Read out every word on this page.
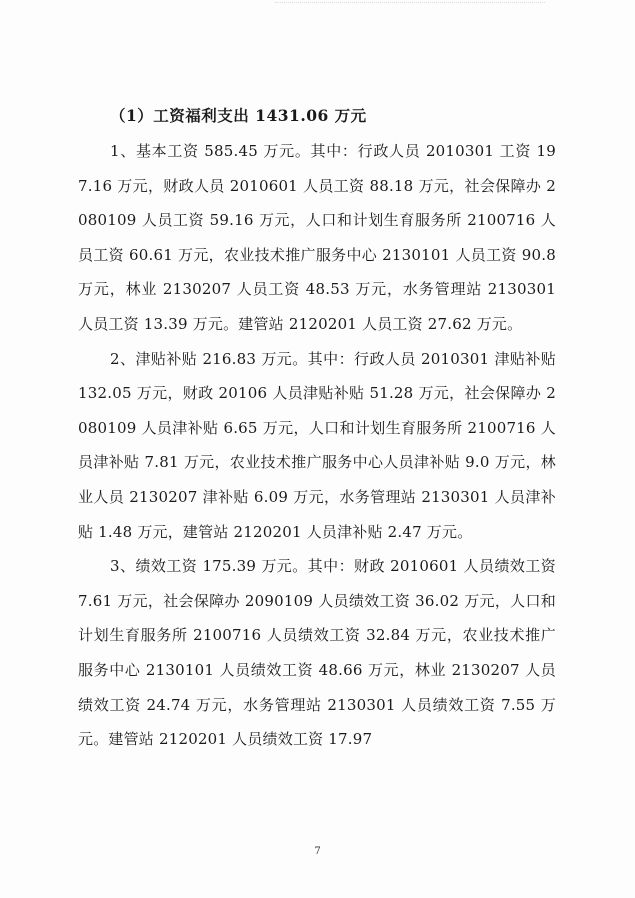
（1）工资福利支出 1431.06 万元

1、基本工资 585.45 万元。其中：行政人员 2010301 工资 197.16 万元，财政人员 2010601 人员工资 88.18 万元，社会保障办 2080109 人员工资 59.16 万元，人口和计划生育服务所 2100716 人员工资 60.61 万元，农业技术推广服务中心 2130101 人员工资 90.8 万元，林业 2130207 人员工资 48.53 万元，水务管理站 2130301 人员工资 13.39 万元。建管站 2120201 人员工资 27.62 万元。

2、津贴补贴 216.83 万元。其中：行政人员 2010301 津贴补贴 132.05 万元，财政 20106 人员津贴补贴 51.28 万元，社会保障办 2080109 人员津补贴 6.65 万元，人口和计划生育服务所 2100716 人员津补贴 7.81 万元，农业技术推广服务中心人员津补贴 9.0 万元，林业人员 2130207 津补贴 6.09 万元，水务管理站 2130301 人员津补贴 1.48 万元，建管站 2120201 人员津补贴 2.47 万元。

3、绩效工资 175.39 万元。其中：财政 2010601 人员绩效工资 7.61 万元，社会保障办 2090109 人员绩效工资 36.02 万元，人口和计划生育服务所 2100716 人员绩效工资 32.84 万元，农业技术推广服务中心 2130101 人员绩效工资 48.66 万元，林业 2130207 人员绩效工资 24.74 万元，水务管理站 2130301 人员绩效工资 7.55 万元。建管站 2120201 人员绩效工资 17.97

7
